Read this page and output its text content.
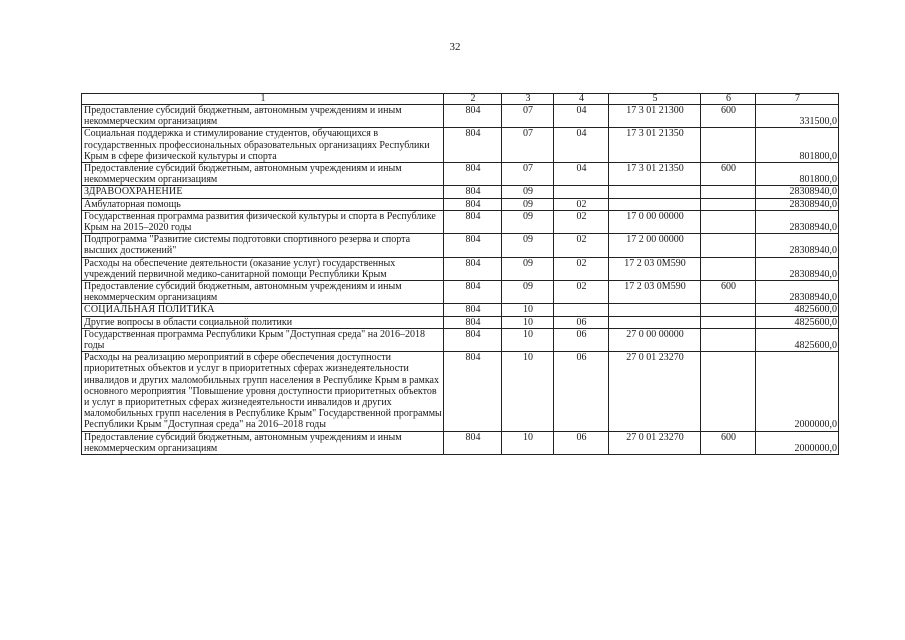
32
1	2	3	4	5	6	7
Предоставление субсидий бюджетным, автономным учреждениям и иным некоммерческим организациям	804	07	04	17 3 01 21300	600	331500,0
Социальная поддержка и стимулирование студентов, обучающихся в государственных профессиональных образовательных организациях Республики Крым в сфере физической культуры и спорта	804	07	04	17 3 01 21350		801800,0
Предоставление субсидий бюджетным, автономным учреждениям и иным некоммерческим организациям	804	07	04	17 3 01 21350	600	801800,0
ЗДРАВООХРАНЕНИЕ	804	09				28308940,0
Амбулаторная помощь	804	09	02			28308940,0
Государственная программа развития физической культуры и спорта в Республике Крым на 2015–2020 годы	804	09	02	17 0 00 00000		28308940,0
Подпрограмма "Развитие системы подготовки спортивного резерва и спорта высших достижений"	804	09	02	17 2 00 00000		28308940,0
Расходы на обеспечение деятельности (оказание услуг) государственных учреждений первичной медико-санитарной помощи Республики Крым	804	09	02	17 2 03 0М590		28308940,0
Предоставление субсидий бюджетным, автономным учреждениям и иным некоммерческим организациям	804	09	02	17 2 03 0М590	600	28308940,0
СОЦИАЛЬНАЯ ПОЛИТИКА	804	10				4825600,0
Другие вопросы в области социальной политики	804	10	06			4825600,0
Государственная программа Республики Крым "Доступная среда" на 2016–2018 годы	804	10	06	27 0 00 00000		4825600,0
Расходы на реализацию мероприятий в сфере обеспечения доступности приоритетных объектов и услуг в приоритетных сферах жизнедеятельности инвалидов и других маломобильных групп населения в Республике Крым в рамках основного мероприятия "Повышение уровня доступности приоритетных объектов и услуг в приоритетных сферах жизнедеятельности инвалидов и других маломобильных групп населения в Республике Крым" Государственной программы Республики Крым "Доступная среда" на 2016–2018 годы	804	10	06	27 0 01 23270		2000000,0
Предоставление субсидий бюджетным, автономным учреждениям и иным некоммерческим организациям	804	10	06	27 0 01 23270	600	2000000,0
